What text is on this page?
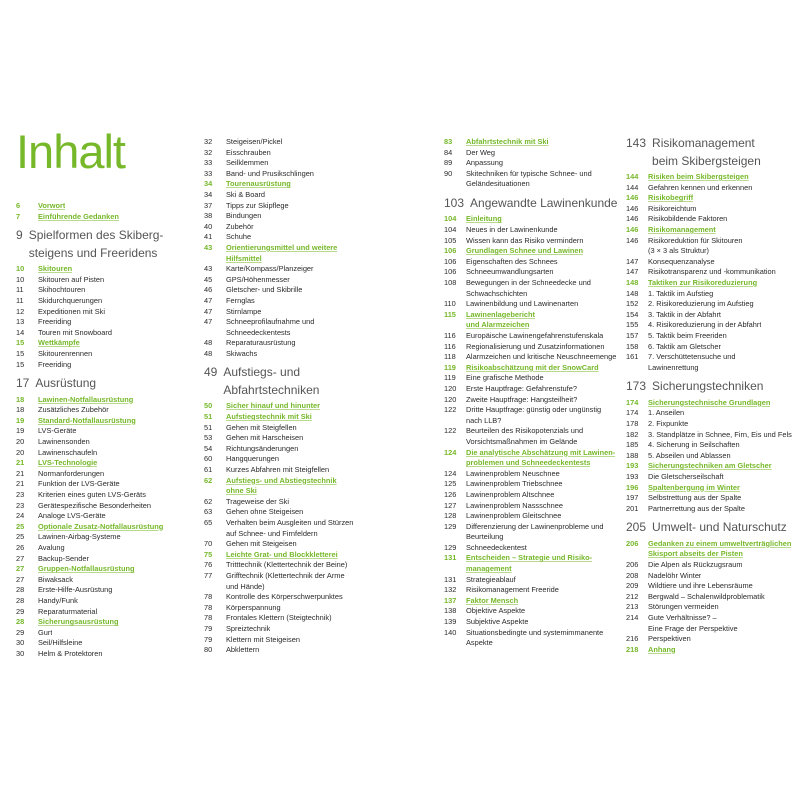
Inhalt
6	Vorwort
7	Einführende Gedanken
9 Spielformen des Skiberg-
steigens und Freeridens
10	Skitouren
10	Skitouren auf Pisten
11	Skihochtouren
11	Skidurchquerungen
12	Expeditionen mit Ski
13	Freeriding
14	Touren mit Snowboard
15	Wettkämpfe
15	Skitourenrennen
15	Freeriding
17 Ausrüstung
18	Lawinen-Notfallausrüstung
18	Zusätzliches Zubehör
19	Standard-Notfallausrüstung
19	LVS-Geräte
20	Lawinensonden
20	Lawinenschaufeln
21	LVS-Technologie
21	Normanforderungen
21	Funktion der LVS-Geräte
23	Kriterien eines guten LVS-Geräts
23	Gerätespezifische Besonderheiten
24	Analoge LVS-Geräte
25	Optionale Zusatz-Notfallausrüstung
25	Lawinen-Airbag-Systeme
26	Avalung
27	Backup-Sender
27	Gruppen-Notfallausrüstung
27	Biwaksack
28	Erste-Hilfe-Ausrüstung
28	Handy/Funk
29	Reparaturmaterial
28	Sicherungsausrüstung
29	Gurt
30	Seil/Hilfsleine
30	Helm & Protektoren
32	Steigeisen/Pickel
32	Eisschrauben
33	Seilklemmen
33	Band- und Prusikschlingen
34	Tourenausrüstung
34	Ski & Board
37	Tipps zur Skipflege
38	Bindungen
40	Zubehör
41	Schuhe
43	Orientierungsmittel und weitere
Hilfsmittel
43	Karte/Kompass/Planzeiger
45	GPS/Höhenmesser
46	Gletscher- und Skibrille
47	Fernglas
47	Stirnlampe
47	Schneeprofilaufnahme und
Schneedeckentests
48	Reparaturausrüstung
48	Skiwachs
49 Aufstiegs- und
Abfahrtstechniken
50	Sicher hinauf und hinunter
51	Aufstiegstechnik mit Ski
51	Gehen mit Steigfellen
53	Gehen mit Harscheisen
54	Richtungsänderungen
60	Hangquerungen
61	Kurzes Abfahren mit Steigfellen
62	Aufstiegs- und Abstiegstechnik
ohne Ski
62	Trageweise der Ski
63	Gehen ohne Steigeisen
65	Verhalten beim Ausgleiten und Stürzen
auf Schnee- und Firnfeldern
70	Gehen mit Steigeisen
75	Leichte Grat- und Blockkletterei
76	Tritttechnik (Klettertechnik der Beine)
77	Grifftechnik (Klettertechnik der Arme
und Hände)
78	Kontrolle des Körperschwerpunktes
78	Körperspannung
78	Frontales Klettern (Steigtechnik)
79	Spreiztechnik
79	Klettern mit Steigeisen
80	Abklettern
83	Abfahrtstechnik mit Ski
84	Der Weg
89	Anpassung
90	Skitechniken für typische Schnee- und
Geländesituationen
103 Angewandte Lawinenkunde
104	Einleitung
104	Neues in der Lawinenkunde
105	Wissen kann das Risiko vermindern
106	Grundlagen Schnee und Lawinen
106	Eigenschaften des Schnees
106	Schneeumwandlungsarten
108	Bewegungen in der Schneedecke und
Schwachschichten
110	Lawinenbildung und Lawinenarten
115	Lawinenlagebericht
und Alarmzeichen
116	Europäische Lawinengefahrenstufenskala
116	Regionalisierung und Zusatzinformationen
118	Alarmzeichen und kritische Neuschneemenge
119	Risikoabschätzung mit der SnowCard
119	Eine grafische Methode
120	Erste Hauptfrage: Gefahrenstufe?
120	Zweite Hauptfrage: Hangsteilheit?
122	Dritte Hauptfrage: günstig oder ungünstig
nach LLB?
122	Beurteilen des Risikopotenzials und
Vorsichtsmaßnahmen im Gelände
124	Die analytische Abschätzung mit Lawinen-
problemen und Schneedeckentests
124	Lawinenproblem Neuschnee
125	Lawinenproblem Triebschnee
126	Lawinenproblem Altschnee
127	Lawinenproblem Nassschnee
128	Lawinenproblem Gleitschnee
129	Differenzierung der Lawinenprobleme und
Beurteilung
129	Schneedeckentest
131	Entscheiden – Strategie und Risiko-
management
131	Strategieablauf
132	Risikomanagement Freeride
137	Faktor Mensch
138	Objektive Aspekte
139	Subjektive Aspekte
140	Situationsbedingte und systemimmanente
Aspekte
143 Risikomanagement
beim Skibergsteigen
144	Risiken beim Skibergsteigen
144	Gefahren kennen und erkennen
146	Risikobegriff
146	Risikoreichtum
146	Risikobildende Faktoren
146	Risikomanagement
146	Risikoreduktion für Skitouren
(3 × 3 als Struktur)
147	Konsequenzanalyse
147	Risikotransparenz und -kommunikation
148	Taktiken zur Risikoreduzierung
148	1. Taktik im Aufstieg
152	2. Risikoreduzierung im Aufstieg
154	3. Taktik in der Abfahrt
155	4. Risikoreduzierung in der Abfahrt
157	5. Taktik beim Freeriden
158	6. Taktik am Gletscher
161	7. Verschüttetensuche und
Lawinenrettung
173 Sicherungstechniken
174	Sicherungstechnische Grundlagen
174	1. Anseilen
178	2. Fixpunkte
182	3. Standplätze in Schnee, Firn, Eis und Fels
185	4. Sicherung in Seilschaften
188	5. Abseilen und Ablassen
193	Sicherungstechniken am Gletscher
193	Die Gletscherseilschaft
196	Spaltenbergung im Winter
197	Selbstrettung aus der Spalte
201	Partnerrettung aus der Spalte
205 Umwelt- und Naturschutz
206	Gedanken zu einem umweltverträglichen
Skisport abseits der Pisten
206	Die Alpen als Rückzugsraum
208	Nadelöhr Winter
209	Wildtiere und ihre Lebensräume
212	Bergwald – Schalenwildproblematik
213	Störungen vermeiden
214	Gute Verhältnisse? –
Eine Frage der Perspektive
216	Perspektiven
218	Anhang
